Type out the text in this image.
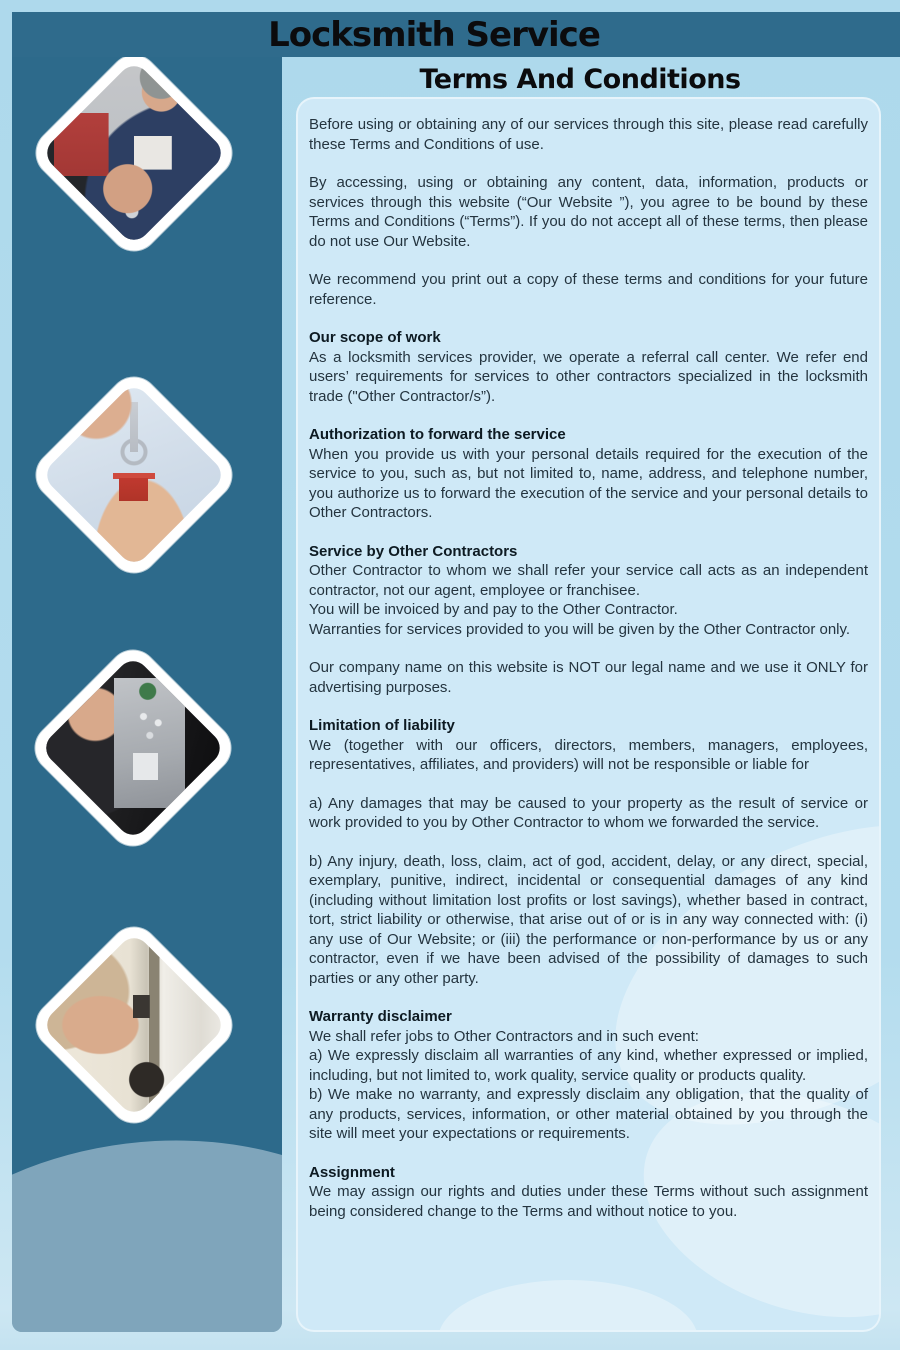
Locksmith Service
Terms And Conditions

Before using or obtaining any of our services through this site, please read carefully these Terms and Conditions of use.

By accessing, using or obtaining any content, data, information, products or services through this website (“Our Website ”), you agree to be bound by these Terms and Conditions (“Terms”). If you do not accept all of these terms, then please do not use Our Website.

We recommend you print out a copy of these terms and conditions for your future reference.

Our scope of work

As a locksmith services provider, we operate a referral call center. We refer end users’ requirements for services to other contractors specialized in the locksmith trade ("Other Contractor/s”).

Authorization to forward the service

When you provide us with your personal details required for the execution of the service to you, such as, but not limited to, name, address, and telephone number, you authorize us to forward the execution of the service and your personal details to Other Contractors.

Service by Other Contractors

Other Contractor to whom we shall refer your service call acts as an independent contractor, not our agent, employee or franchisee.

You will be invoiced by and pay to the Other Contractor.

Warranties for services provided to you will be given by the Other Contractor only.

Our company name on this website is NOT our legal name and we use it ONLY for advertising purposes.

Limitation of liability

We (together with our officers, directors, members, managers, employees, representatives, affiliates, and providers) will not be responsible or liable for

a) Any damages that may be caused to your property as the result of service or work provided to you by Other Contractor to whom we forwarded the service.

b) Any injury, death, loss, claim, act of god, accident, delay, or any direct, special, exemplary, punitive, indirect, incidental or consequential damages of any kind (including without limitation lost profits or lost savings), whether based in contract, tort, strict liability or otherwise, that arise out of or is in any way connected with: (i) any use of Our Website; or (iii) the performance or non-performance by us or any contractor, even if we have been advised of the possibility of damages to such parties or any other party.

Warranty disclaimer

We shall refer jobs to Other Contractors and in such event:

a) We expressly disclaim all warranties of any kind, whether expressed or implied, including, but not limited to, work quality, service quality or products quality.

b) We make no warranty, and expressly disclaim any obligation, that the quality of any products, services, information, or other material obtained by you through the site will meet your expectations or requirements.

Assignment

We may assign our rights and duties under these Terms without such assignment being considered change to the Terms and without notice to you.
